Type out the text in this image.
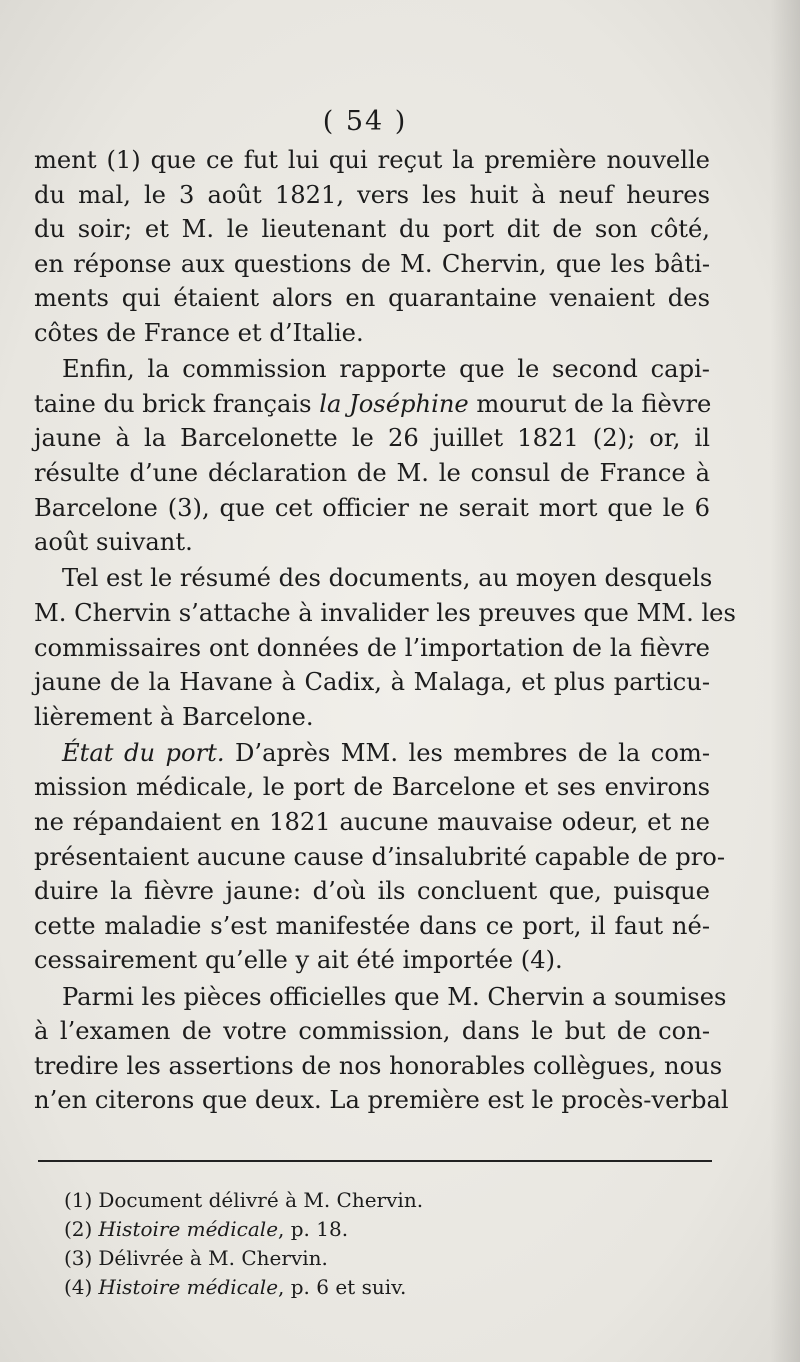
( 54 )
ment (1) que ce fut lui qui reçut la première nouvelle
du mal, le 3 août 1821, vers les huit à neuf heures
du soir; et M. le lieutenant du port dit de son côté,
en réponse aux questions de M. Chervin, que les bâti-
ments qui étaient alors en quarantaine venaient des
côtes de France et d’Italie.
Enfin, la commission rapporte que le second capi-
taine du brick français la Joséphine mourut de la fièvre
jaune à la Barcelonette le 26 juillet 1821 (2); or, il
résulte d’une déclaration de M. le consul de France à
Barcelone (3), que cet officier ne serait mort que le 6
août suivant.
Tel est le résumé des documents, au moyen desquels
M. Chervin s’attache à invalider les preuves que MM. les
commissaires ont données de l’importation de la fièvre
jaune de la Havane à Cadix, à Malaga, et plus particu-
lièrement à Barcelone.
État du port. D’après MM. les membres de la com-
mission médicale, le port de Barcelone et ses environs
ne répandaient en 1821 aucune mauvaise odeur, et ne
présentaient aucune cause d’insalubrité capable de pro-
duire la fièvre jaune: d’où ils concluent que, puisque
cette maladie s’est manifestée dans ce port, il faut né-
cessairement qu’elle y ait été importée (4).
Parmi les pièces officielles que M. Chervin a soumises
à l’examen de votre commission, dans le but de con-
tredire les assertions de nos honorables collègues, nous
n’en citerons que deux. La première est le procès-verbal
(1) Document délivré à M. Chervin.
(2) Histoire médicale, p. 18.
(3) Délivrée à M. Chervin.
(4) Histoire médicale, p. 6 et suiv.
